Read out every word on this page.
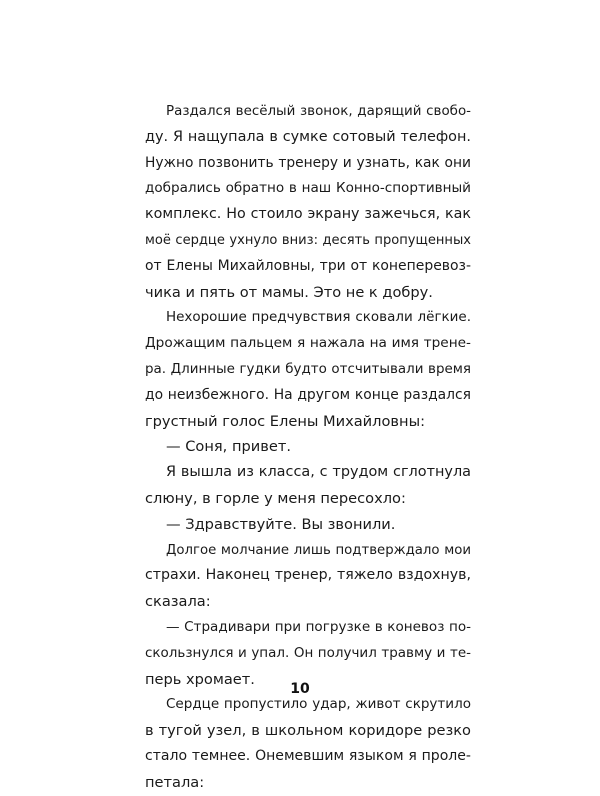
Раздался весёлый звонок, дарящий свобо-
ду. Я нащупала в сумке сотовый телефон.
Нужно позвонить тренеру и узнать, как они
добрались обратно в наш Конно-спортивный
комплекс. Но стоило экрану зажечься, как
моё сердце ухнуло вниз: десять пропущенных
от Елены Михайловны, три от конеперевоз-
чика и пять от мамы. Это не к добру.
Нехорошие предчувствия сковали лёгкие.
Дрожащим пальцем я нажала на имя трене-
ра. Длинные гудки будто отсчитывали время
до неизбежного. На другом конце раздался
грустный голос Елены Михайловны:
— Соня, привет.
Я вышла из класса, с трудом сглотнула
слюну, в горле у меня пересохло:
— Здравствуйте. Вы звонили.
Долгое молчание лишь подтверждало мои
страхи. Наконец тренер, тяжело вздохнув,
сказала:
— Страдивари при погрузке в коневоз по-
скользнулся и упал. Он получил травму и те-
перь хромает.
Сердце пропустило удар, живот скрутило
в тугой узел, в школьном коридоре резко
стало темнее. Онемевшим языком я проле-
петала:
10
